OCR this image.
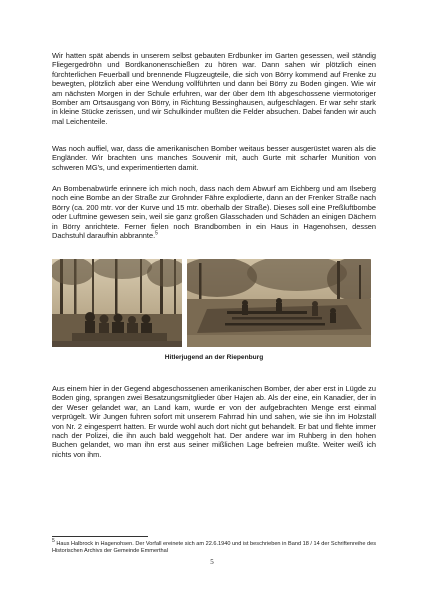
Wir hatten spät abends in unserem selbst gebauten Erdbunker im Garten gesessen, weil ständig Fliegergedröhn und Bordkanonenschießen zu hören war. Dann sahen wir plötzlich einen fürchterlichen Feuerball und brennende Flugzeugteile, die sich von Börry kommend auf Frenke zu bewegten, plötzlich aber eine Wendung vollführten und dann bei Börry zu Boden gingen. Wie wir am nächsten Morgen in der Schule erfuhren, war der über dem Ith abgeschossene viermotoriger Bomber am Ortsausgang von Börry, in Richtung Bessinghausen, aufgeschlagen. Er war sehr stark in kleine Stücke zerissen, und wir Schulkinder mußten die Felder absuchen. Dabei fanden wir auch mal Leichenteile.

Was noch auffiel, war, dass die amerikanischen Bomber weitaus besser ausgerüstet waren als die Engländer. Wir brachten uns manches Souvenir mit, auch Gurte mit scharfer Munition von schweren MG's, und experimentierten damit.

An Bombenabwürfe erinnere ich mich noch, dass nach dem Abwurf am Eichberg und am Ilseberg noch eine Bombe an der Straße zur Grohnder Fähre explodierte, dann an der Frenker Straße nach Börry (ca. 200 mtr. vor der Kurve und 15 mtr. oberhalb der Straße). Dieses soll eine Preßluftbombe oder Luftmine gewesen sein, weil sie ganz großen Glasschaden und Schäden an einigen Dächern in Börry anrichtete. Ferner fielen noch Brandbomben in ein Haus in Hagenohsen, dessen Dachstuhl daraufhin abbrannte.$^5$

Hitlerjugend an der Riepenburg

Aus einem hier in der Gegend abgeschossenen amerikanischen Bomber, der aber erst in Lügde zu Boden ging, sprangen zwei Besatzungsmitglieder über Hajen ab. Als der eine, ein Kanadier, der in der Weser gelandet war, an Land kam, wurde er von der aufgebrachten Menge erst einmal verprügelt. Wir Jungen fuhren sofort mit unserem Fahrrad hin und sahen, wie sie ihn im Holzstall von Nr. 2 eingesperrt hatten. Er wurde wohl auch dort nicht gut behandelt. Er bat und flehte immer nach der Polizei, die ihn auch bald weggeholt hat. Der andere war im Ruhberg in den hohen Buchen gelandet, wo man ihn erst aus seiner mißlichen Lage befreien mußte. Weiter weiß ich nichts von ihm.

$^5$ Haus Halbrock in Hagenohsen. Der Vorfall ereinete sich am 22.6.1940 und ist beschrieben in Band 18 / 14 der Schriftenreihe des Historischen Archivs der Gemeinde Emmerthal

5
